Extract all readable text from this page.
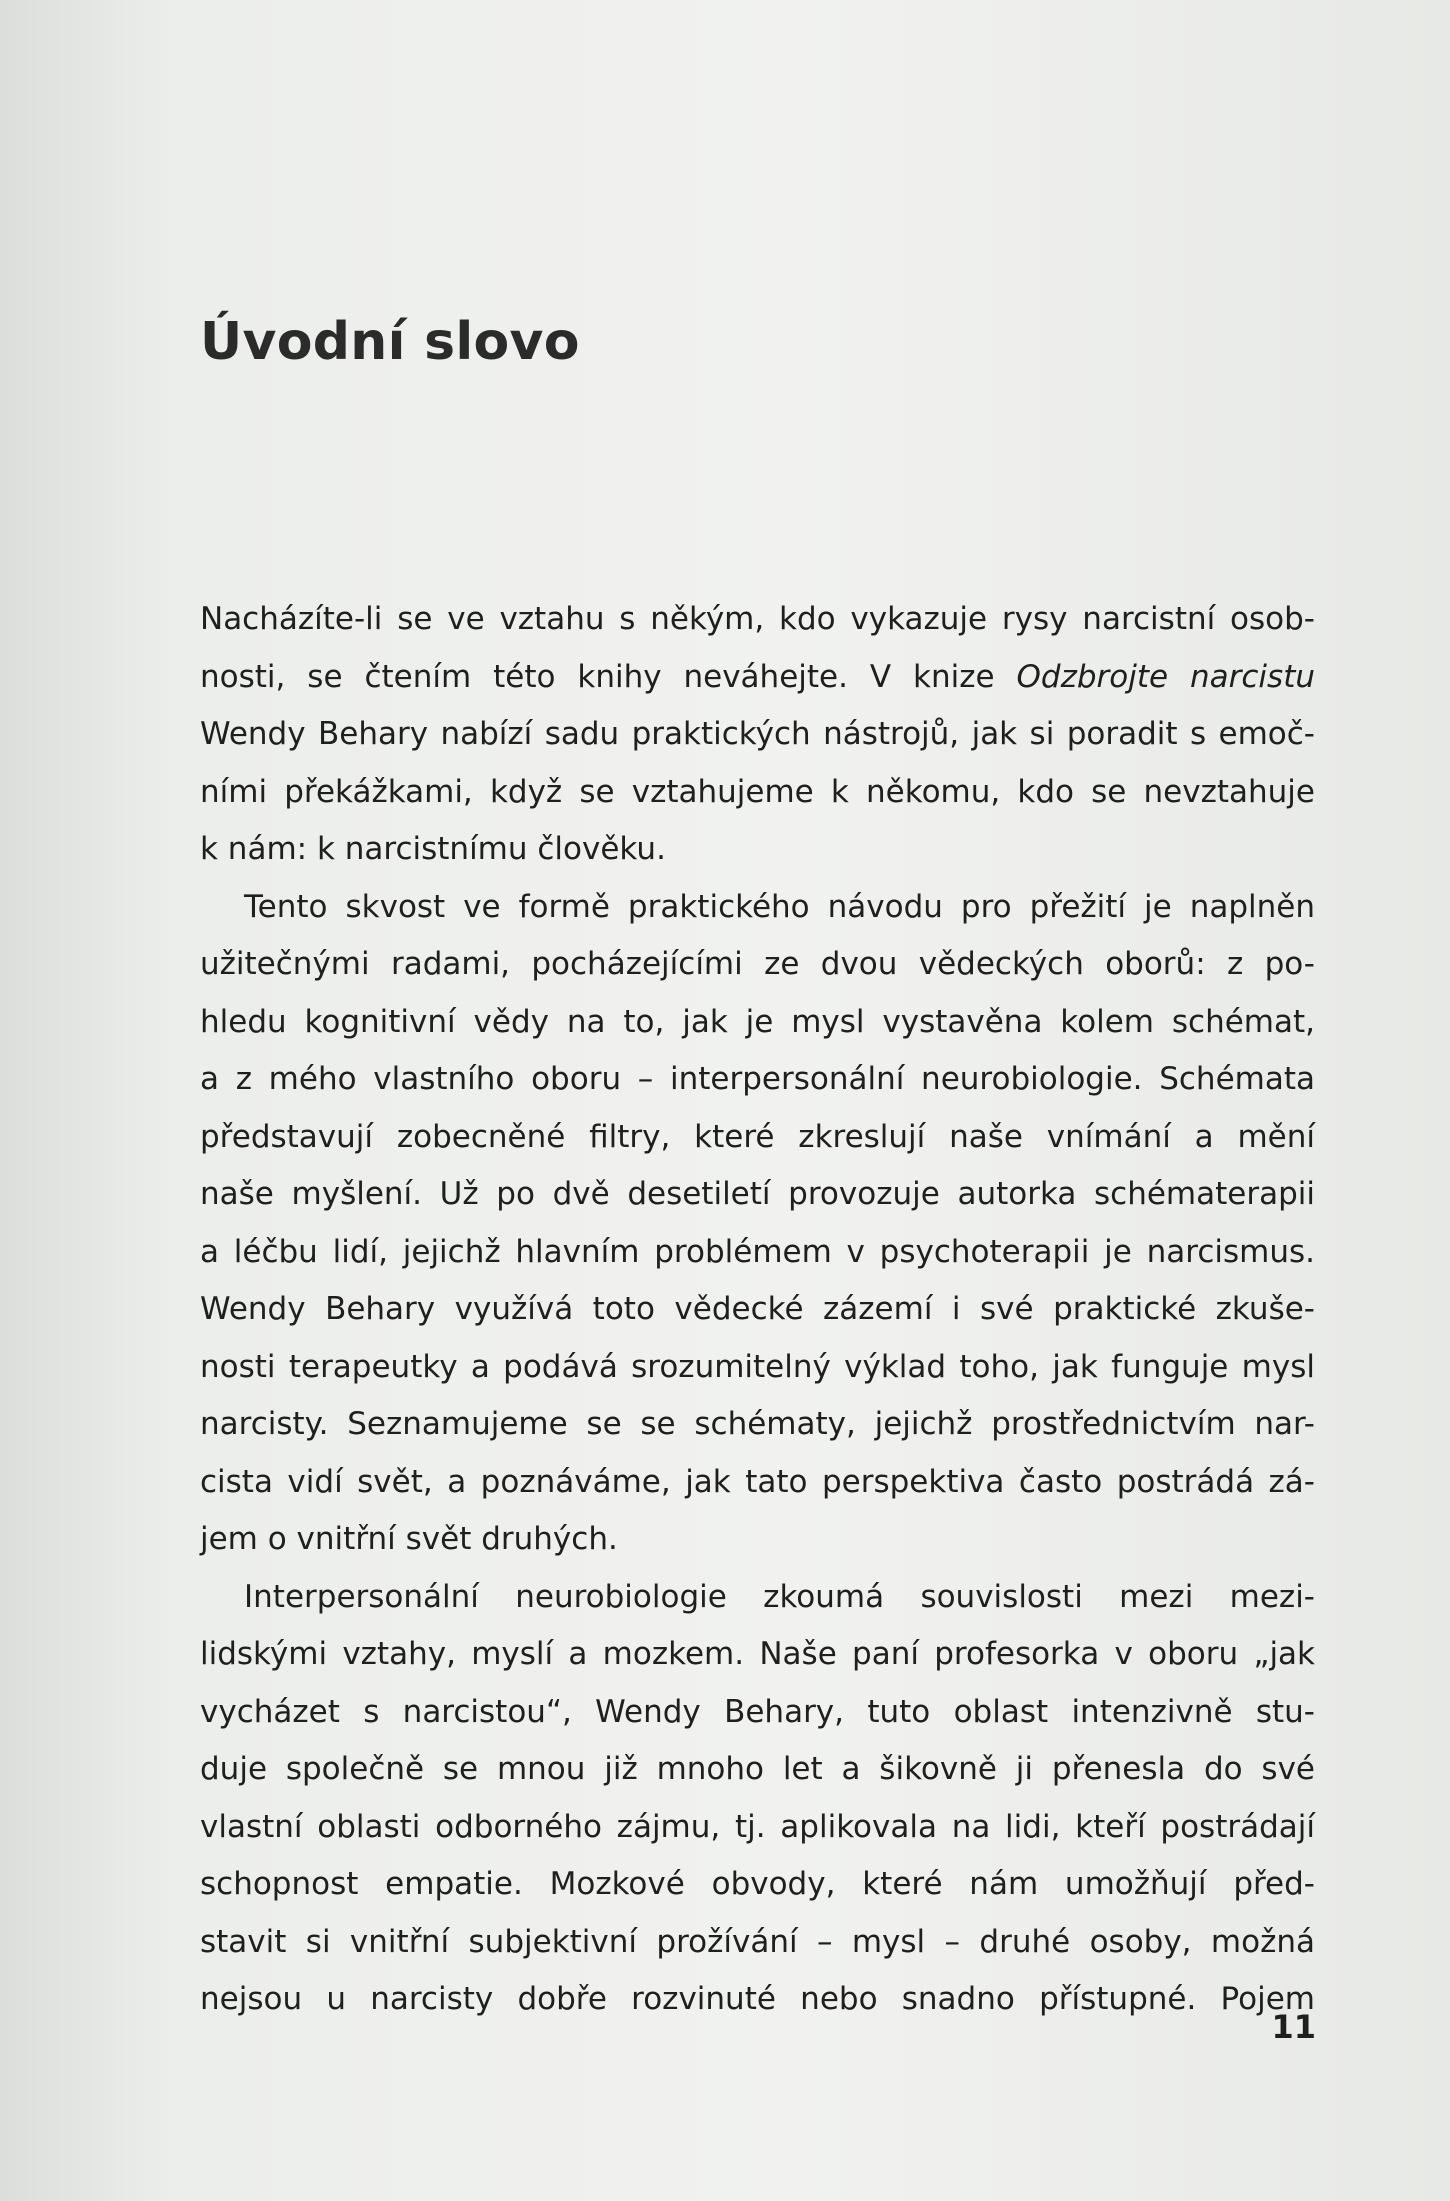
Úvodní slovo

Nacházíte-li se ve vztahu s někým, kdo vykazuje rysy narcistní osob-
nosti, se čtením této knihy neváhejte. V knize Odzbrojte narcistu
Wendy Behary nabízí sadu praktických nástrojů, jak si poradit s emoč-
ními překážkami, když se vztahujeme k někomu, kdo se nevztahuje
k nám: k narcistnímu člověku.

Tento skvost ve formě praktického návodu pro přežití je naplněn
užitečnými radami, pocházejícími ze dvou vědeckých oborů: z po-
hledu kognitivní vědy na to, jak je mysl vystavěna kolem schémat,
a z mého vlastního oboru – interpersonální neurobiologie. Schémata
představují zobecněné filtry, které zkreslují naše vnímání a mění
naše myšlení. Už po dvě desetiletí provozuje autorka schématerapii
a léčbu lidí, jejichž hlavním problémem v psychoterapii je narcismus.
Wendy Behary využívá toto vědecké zázemí i své praktické zkuše-
nosti terapeutky a podává srozumitelný výklad toho, jak funguje mysl
narcisty. Seznamujeme se se schématy, jejichž prostřednictvím nar-
cista vidí svět, a poznáváme, jak tato perspektiva často postrádá zá-
jem o vnitřní svět druhých.

Interpersonální neurobiologie zkoumá souvislosti mezi mezi-
lidskými vztahy, myslí a mozkem. Naše paní profesorka v oboru „jak
vycházet s narcistou“, Wendy Behary, tuto oblast intenzivně stu-
duje společně se mnou již mnoho let a šikovně ji přenesla do své
vlastní oblasti odborného zájmu, tj. aplikovala na lidi, kteří postrádají
schopnost empatie. Mozkové obvody, které nám umožňují před-
stavit si vnitřní subjektivní prožívání – mysl – druhé osoby, možná
nejsou u narcisty dobře rozvinuté nebo snadno přístupné. Pojem

11
